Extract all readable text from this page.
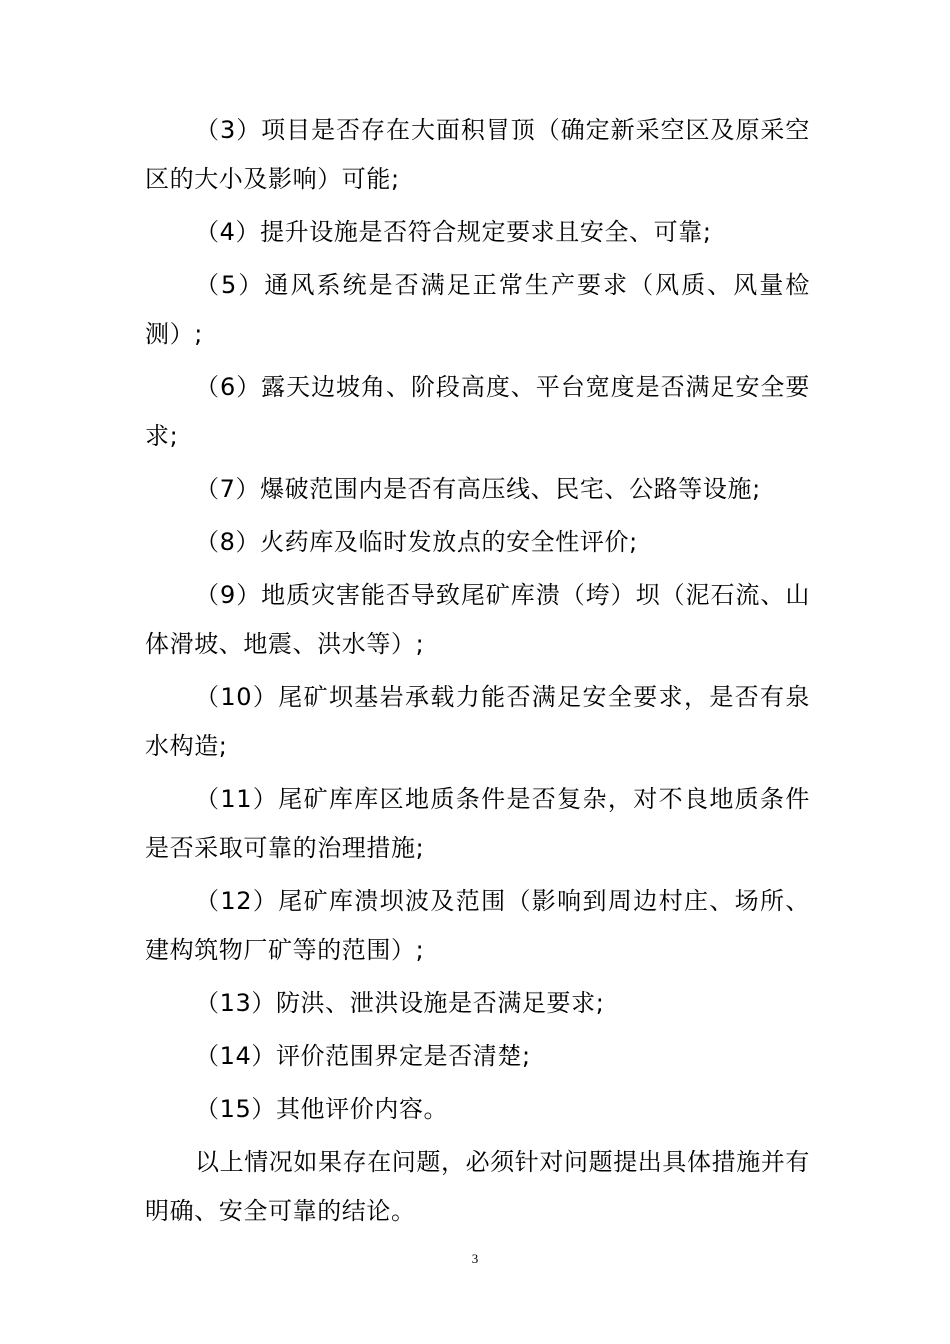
（3）项目是否存在大面积冒顶（确定新采空区及原采空区的大小及影响）可能;

（4）提升设施是否符合规定要求且安全、可靠;

（5）通风系统是否满足正常生产要求（风质、风量检测）;

（6）露天边坡角、阶段高度、平台宽度是否满足安全要求;

（7）爆破范围内是否有高压线、民宅、公路等设施;

（8）火药库及临时发放点的安全性评价;

（9）地质灾害能否导致尾矿库溃（垮）坝（泥石流、山体滑坡、地震、洪水等）;

（10）尾矿坝基岩承载力能否满足安全要求，是否有泉水构造;

（11）尾矿库库区地质条件是否复杂，对不良地质条件是否采取可靠的治理措施;

（12）尾矿库溃坝波及范围（影响到周边村庄、场所、建构筑物厂矿等的范围）;

（13）防洪、泄洪设施是否满足要求;

（14）评价范围界定是否清楚;

（15）其他评价内容。

以上情况如果存在问题，必须针对问题提出具体措施并有明确、安全可靠的结论。

3
